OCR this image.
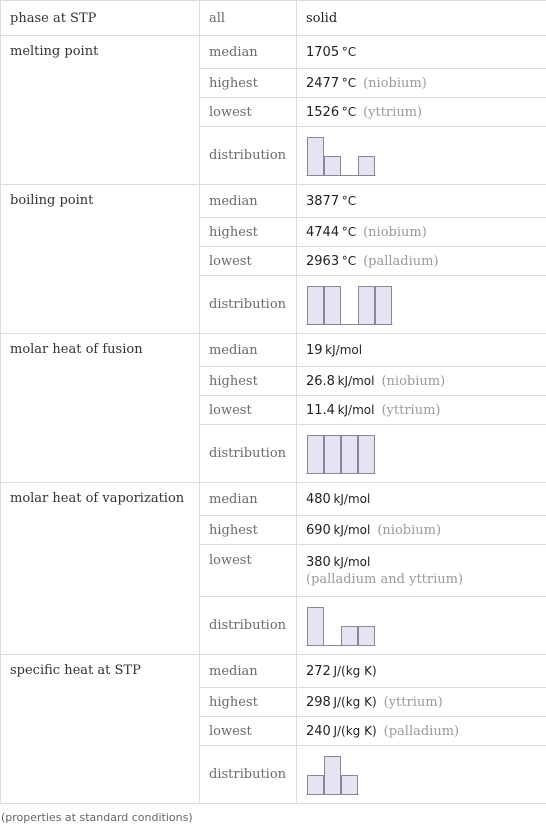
phase at STP	all	solid
melting point	median	1705  °C
	highest	2477  °C (niobium)
	lowest	1526  °C (yttrium)
	distribution	

boiling point	median	3877  °C
	highest	4744  °C (niobium)
	lowest	2963  °C (palladium)
	distribution	

molar heat of fusion	median	19  kJ/mol
	highest	26.8  kJ/mol (niobium)
	lowest	11.4  kJ/mol (yttrium)
	distribution	

molar heat of vaporization	median	480  kJ/mol
	highest	690  kJ/mol (niobium)
	lowest	380  kJ/mol
(palladium and yttrium)

	distribution	

specific heat at STP	median	272  J/(kg K)
	highest	298  J/(kg K) (yttrium)
	lowest	240  J/(kg K) (palladium)
	distribution	
(properties at standard conditions)
